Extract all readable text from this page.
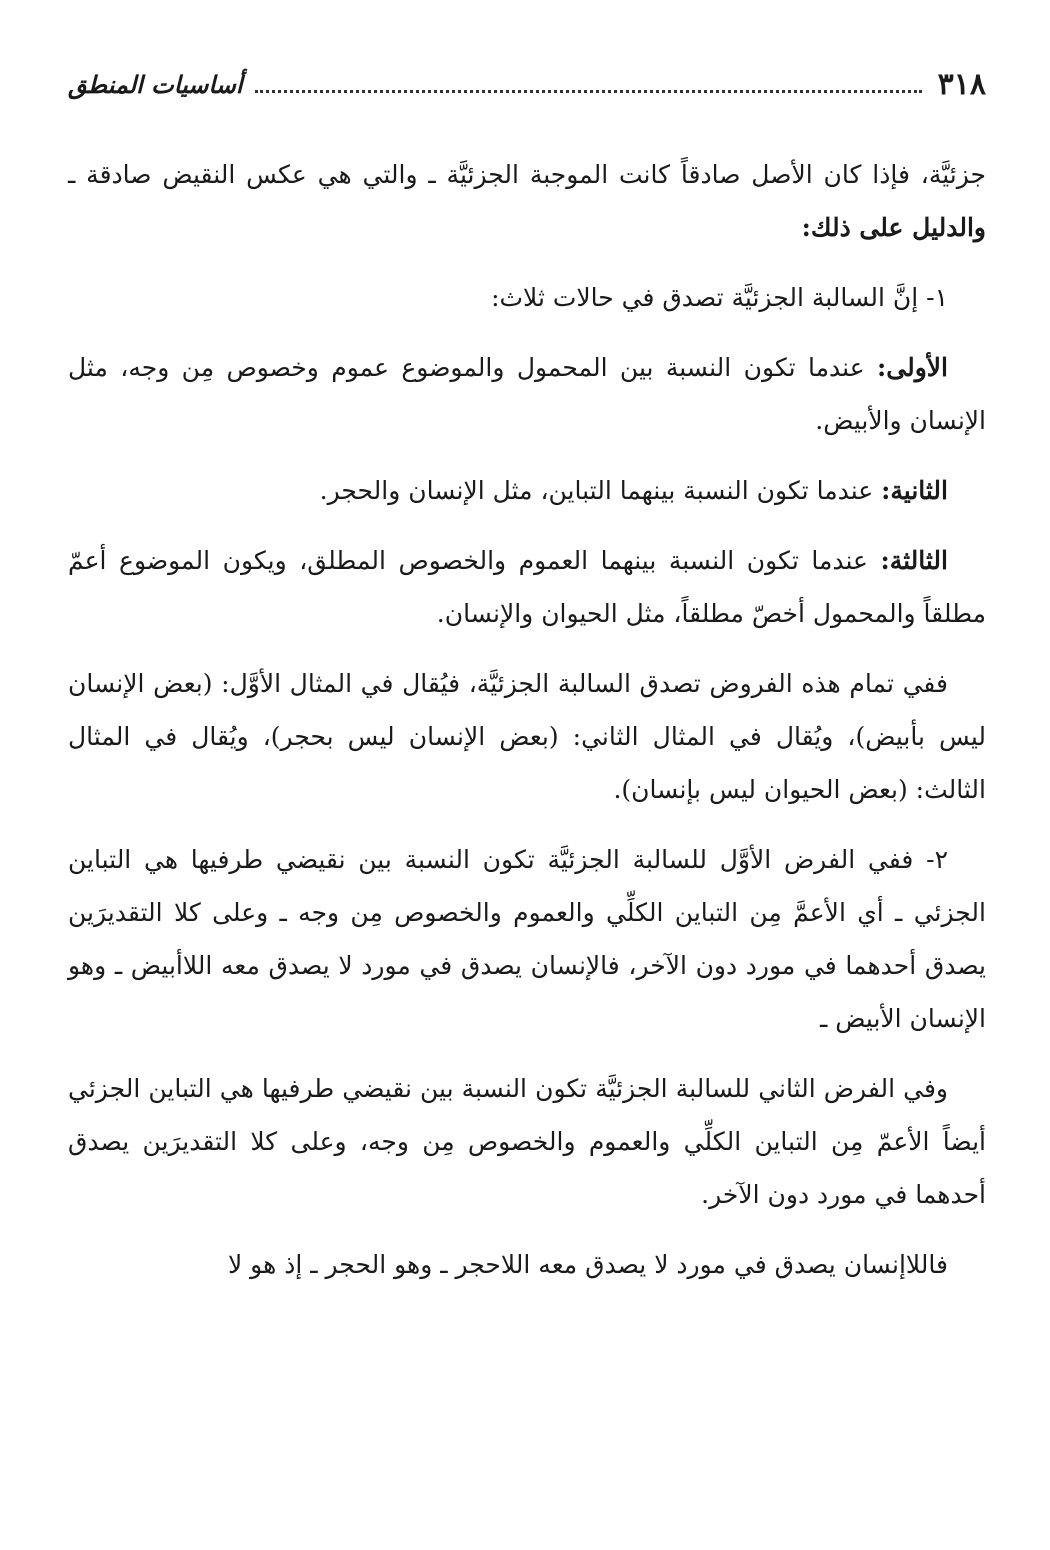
٣١٨
أساسيات المنطق

جزئيَّة، فإذا كان الأصل صادقاً كانت الموجبة الجزئيَّة ـ والتي هي عكس النقيض صادقة ـ والدليل على ذلك:

١- إنَّ السالبة الجزئيَّة تصدق في حالات ثلاث:

الأولى: عندما تكون النسبة بين المحمول والموضوع عموم وخصوص مِن وجه، مثل الإنسان والأبيض.

الثانية: عندما تكون النسبة بينهما التباين، مثل الإنسان والحجر.

الثالثة: عندما تكون النسبة بينهما العموم والخصوص المطلق، ويكون الموضوع أعمّ مطلقاً والمحمول أخصّ مطلقاً، مثل الحيوان والإنسان.

ففي تمام هذه الفروض تصدق السالبة الجزئيَّة، فيُقال في المثال الأوَّل: (بعض الإنسان ليس بأبيض)، ويُقال في المثال الثاني: (بعض الإنسان ليس بحجر)، ويُقال في المثال الثالث: (بعض الحيوان ليس بإنسان).

٢- ففي الفرض الأوَّل للسالبة الجزئيَّة تكون النسبة بين نقيضي طرفيها هي التباين الجزئي ـ أي الأعمَّ مِن التباين الكلِّي والعموم والخصوص مِن وجه ـ وعلى كلا التقديرَين يصدق أحدهما في مورد دون الآخر، فالإنسان يصدق في مورد لا يصدق معه اللاأبيض ـ وهو الإنسان الأبيض ـ

وفي الفرض الثاني للسالبة الجزئيَّة تكون النسبة بين نقيضي طرفيها هي التباين الجزئي أيضاً الأعمّ مِن التباين الكلِّي والعموم والخصوص مِن وجه، وعلى كلا التقديرَين يصدق أحدهما في مورد دون الآخر.

فاللاإنسان يصدق في مورد لا يصدق معه اللاحجر ـ وهو الحجر ـ إذ هو لا
